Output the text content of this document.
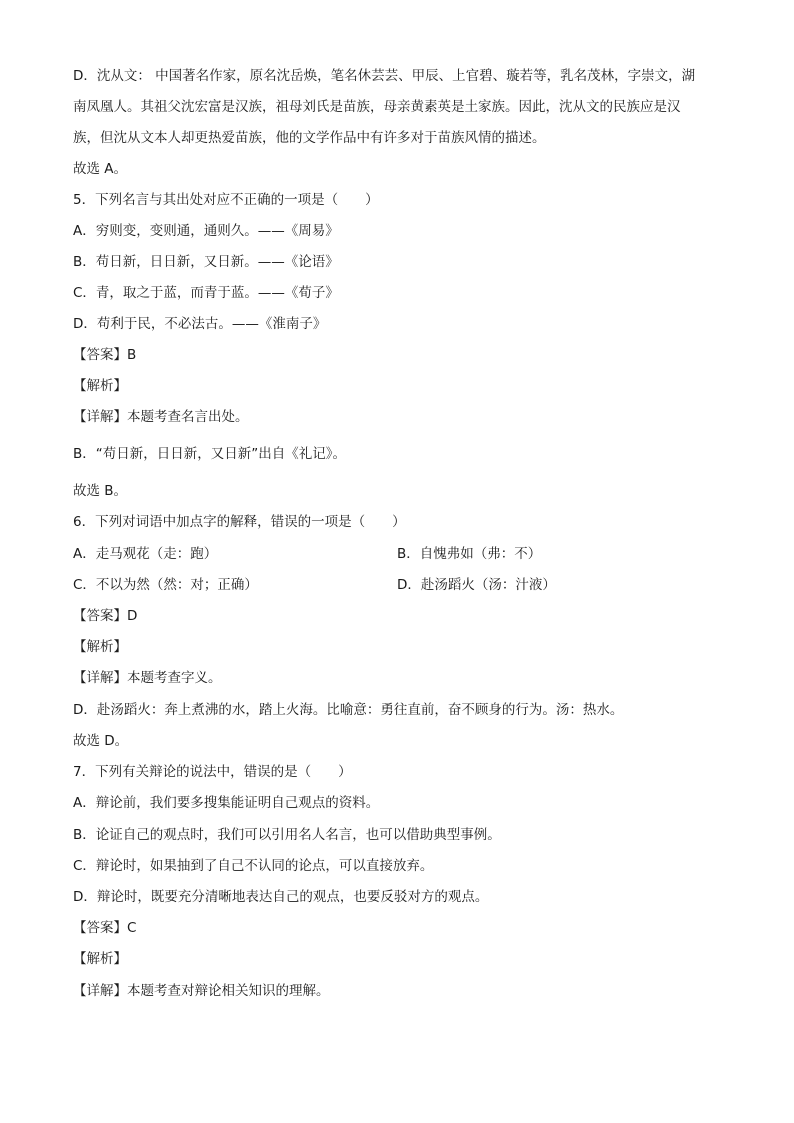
D．沈从文： 中国著名作家，原名沈岳焕，笔名休芸芸、甲辰、上官碧、璇若等，乳名茂林，字崇文，湖
南凤凰人。其祖父沈宏富是汉族，祖母刘氏是苗族，母亲黄素英是土家族。因此，沈从文的民族应是汉
族，但沈从文本人却更热爱苗族，他的文学作品中有许多对于苗族风情的描述。
故选 A。
5．下列名言与其出处对应不正确的一项是（　　）
A．穷则变，变则通，通则久。——《周易》
B．苟日新，日日新，又日新。——《论语》
C．青，取之于蓝，而青于蓝。——《荀子》
D．苟利于民，不必法古。——《淮南子》
【答案】B
【解析】
【详解】本题考查名言出处。
B．“苟日新，日日新，又日新”出自《礼记》。
故选 B。
6．下列对词语中加点字的解释，错误的一项是（　　）
A．走马观花（走：跑）	B．自愧弗如（弗：不）
C．不以为然（然：对；正确）	D．赴汤蹈火（汤：汁液）
【答案】D
【解析】
【详解】本题考查字义。
D．赴汤蹈火：奔上煮沸的水，踏上火海。比喻意：勇往直前，奋不顾身的行为。汤：热水。
故选 D。
7．下列有关辩论的说法中，错误的是（　　）
A．辩论前，我们要多搜集能证明自己观点的资料。
B．论证自己的观点时，我们可以引用名人名言，也可以借助典型事例。
C．辩论时，如果抽到了自己不认同的论点，可以直接放弃。
D．辩论时，既要充分清晰地表达自己的观点，也要反驳对方的观点。
【答案】C
【解析】
【详解】本题考查对辩论相关知识的理解。
